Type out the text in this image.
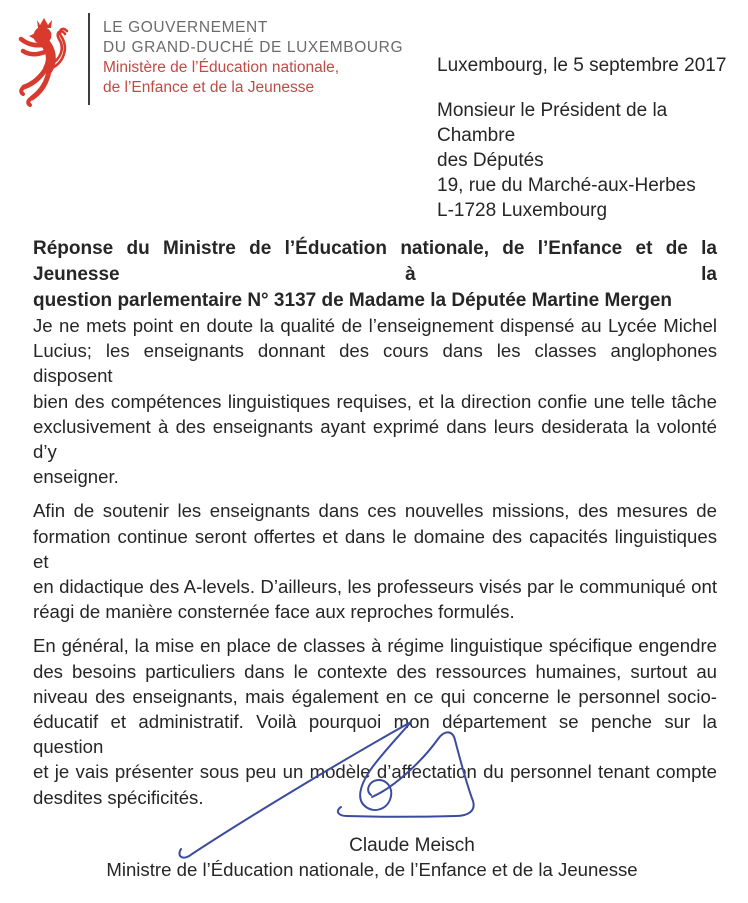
LE GOUVERNEMENT
DU GRAND-DUCHÉ DE LUXEMBOURG
Ministère de l’Éducation nationale,
de l’Enfance et de la Jeunesse
Luxembourg, le 5 septembre 2017
Monsieur le Président de la Chambre
des Députés
19, rue du Marché-aux-Herbes
L-1728 Luxembourg
Réponse du Ministre de l’Éducation nationale, de l’Enfance et de la Jeunesse à la
question parlementaire N° 3137 de Madame la Députée Martine Mergen
Je ne mets point en doute la qualité de l’enseignement dispensé au Lycée Michel
Lucius; les enseignants donnant des cours dans les classes anglophones disposent
bien des compétences linguistiques requises, et la direction confie une telle tâche
exclusivement à des enseignants ayant exprimé dans leurs desiderata la volonté d’y
enseigner.
Afin de soutenir les enseignants dans ces nouvelles missions, des mesures de
formation continue seront offertes et dans le domaine des capacités linguistiques et
en didactique des A-levels. D’ailleurs, les professeurs visés par le communiqué ont
réagi de manière consternée face aux reproches formulés.
En général, la mise en place de classes à régime linguistique spécifique engendre
des besoins particuliers dans le contexte des ressources humaines, surtout au
niveau des enseignants, mais également en ce qui concerne le personnel socio-
éducatif et administratif. Voilà pourquoi mon département se penche sur la question
et je vais présenter sous peu un modèle d’affectation du personnel tenant compte
desdites spécificités.
Claude Meisch
Ministre de l’Éducation nationale, de l’Enfance et de la Jeunesse
